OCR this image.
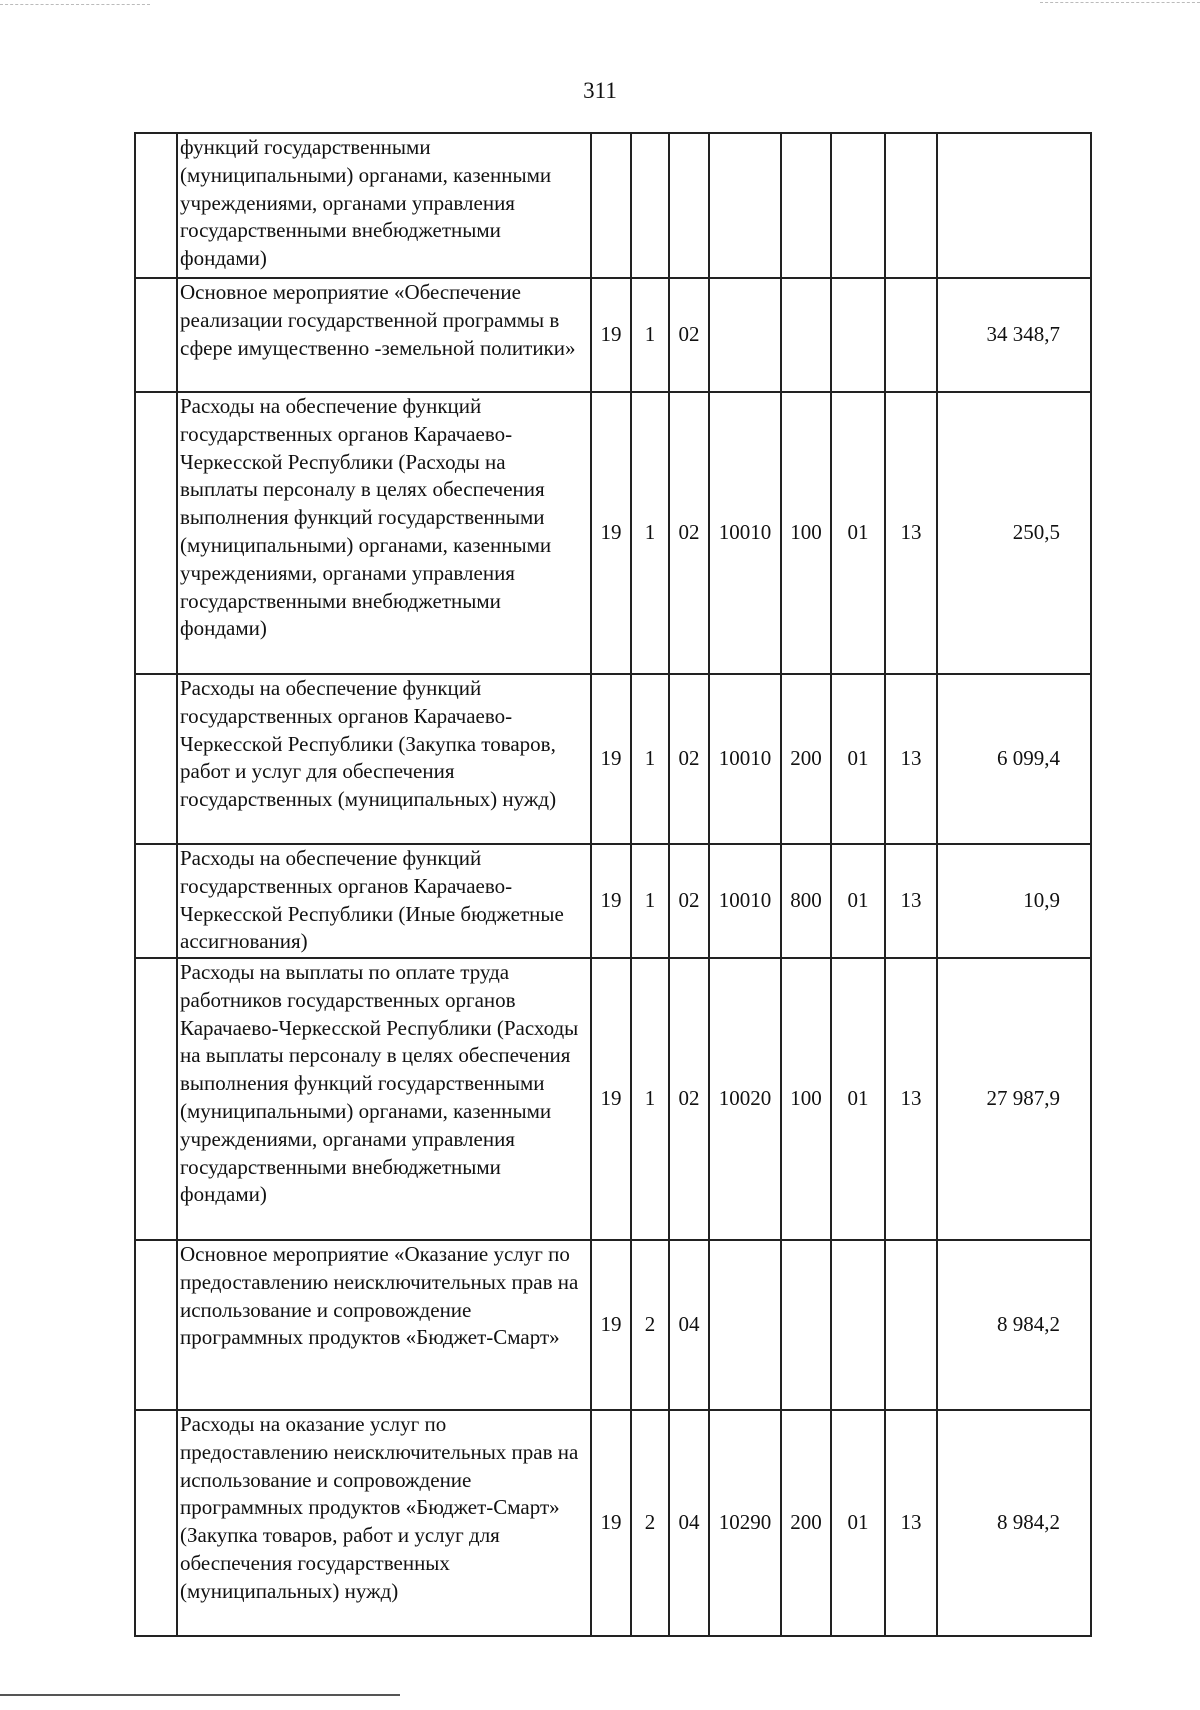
311
	функций государственными (муниципальными) органами, казенными учреждениями, органами управления государственными внебюджетными фондами)								
	Основное мероприятие «Обеспечение реализации государственной программы в сфере имущественно -земельной политики»	19	1	02					34 348,7
	Расходы на обеспечение функций государственных органов Карачаево-Черкесской Республики (Расходы на выплаты персоналу в целях обеспечения выполнения функций государственными (муниципальными) органами, казенными учреждениями, органами управления государственными внебюджетными фондами)	19	1	02	10010	100	01	13	250,5
	Расходы на обеспечение функций государственных органов Карачаево-Черкесской Республики (Закупка товаров, работ и услуг для обеспечения государственных (муниципальных) нужд)	19	1	02	10010	200	01	13	6 099,4
	Расходы на обеспечение функций государственных органов Карачаево-Черкесской Республики (Иные бюджетные ассигнования)	19	1	02	10010	800	01	13	10,9
	Расходы на выплаты по оплате труда работников государственных органов Карачаево-Черкесской Республики (Расходы на выплаты персоналу в целях обеспечения выполнения функций государственными (муниципальными) органами, казенными учреждениями, органами управления государственными внебюджетными фондами)	19	1	02	10020	100	01	13	27 987,9
	Основное мероприятие «Оказание услуг по предоставлению неисключительных прав на использование и сопровождение программных продуктов «Бюджет-Смарт»	19	2	04					8 984,2
	Расходы на оказание услуг по предоставлению неисключительных прав на использование и сопровождение программных продуктов «Бюджет-Смарт» (Закупка товаров, работ и услуг для обеспечения государственных (муниципальных) нужд)	19	2	04	10290	200	01	13	8 984,2
